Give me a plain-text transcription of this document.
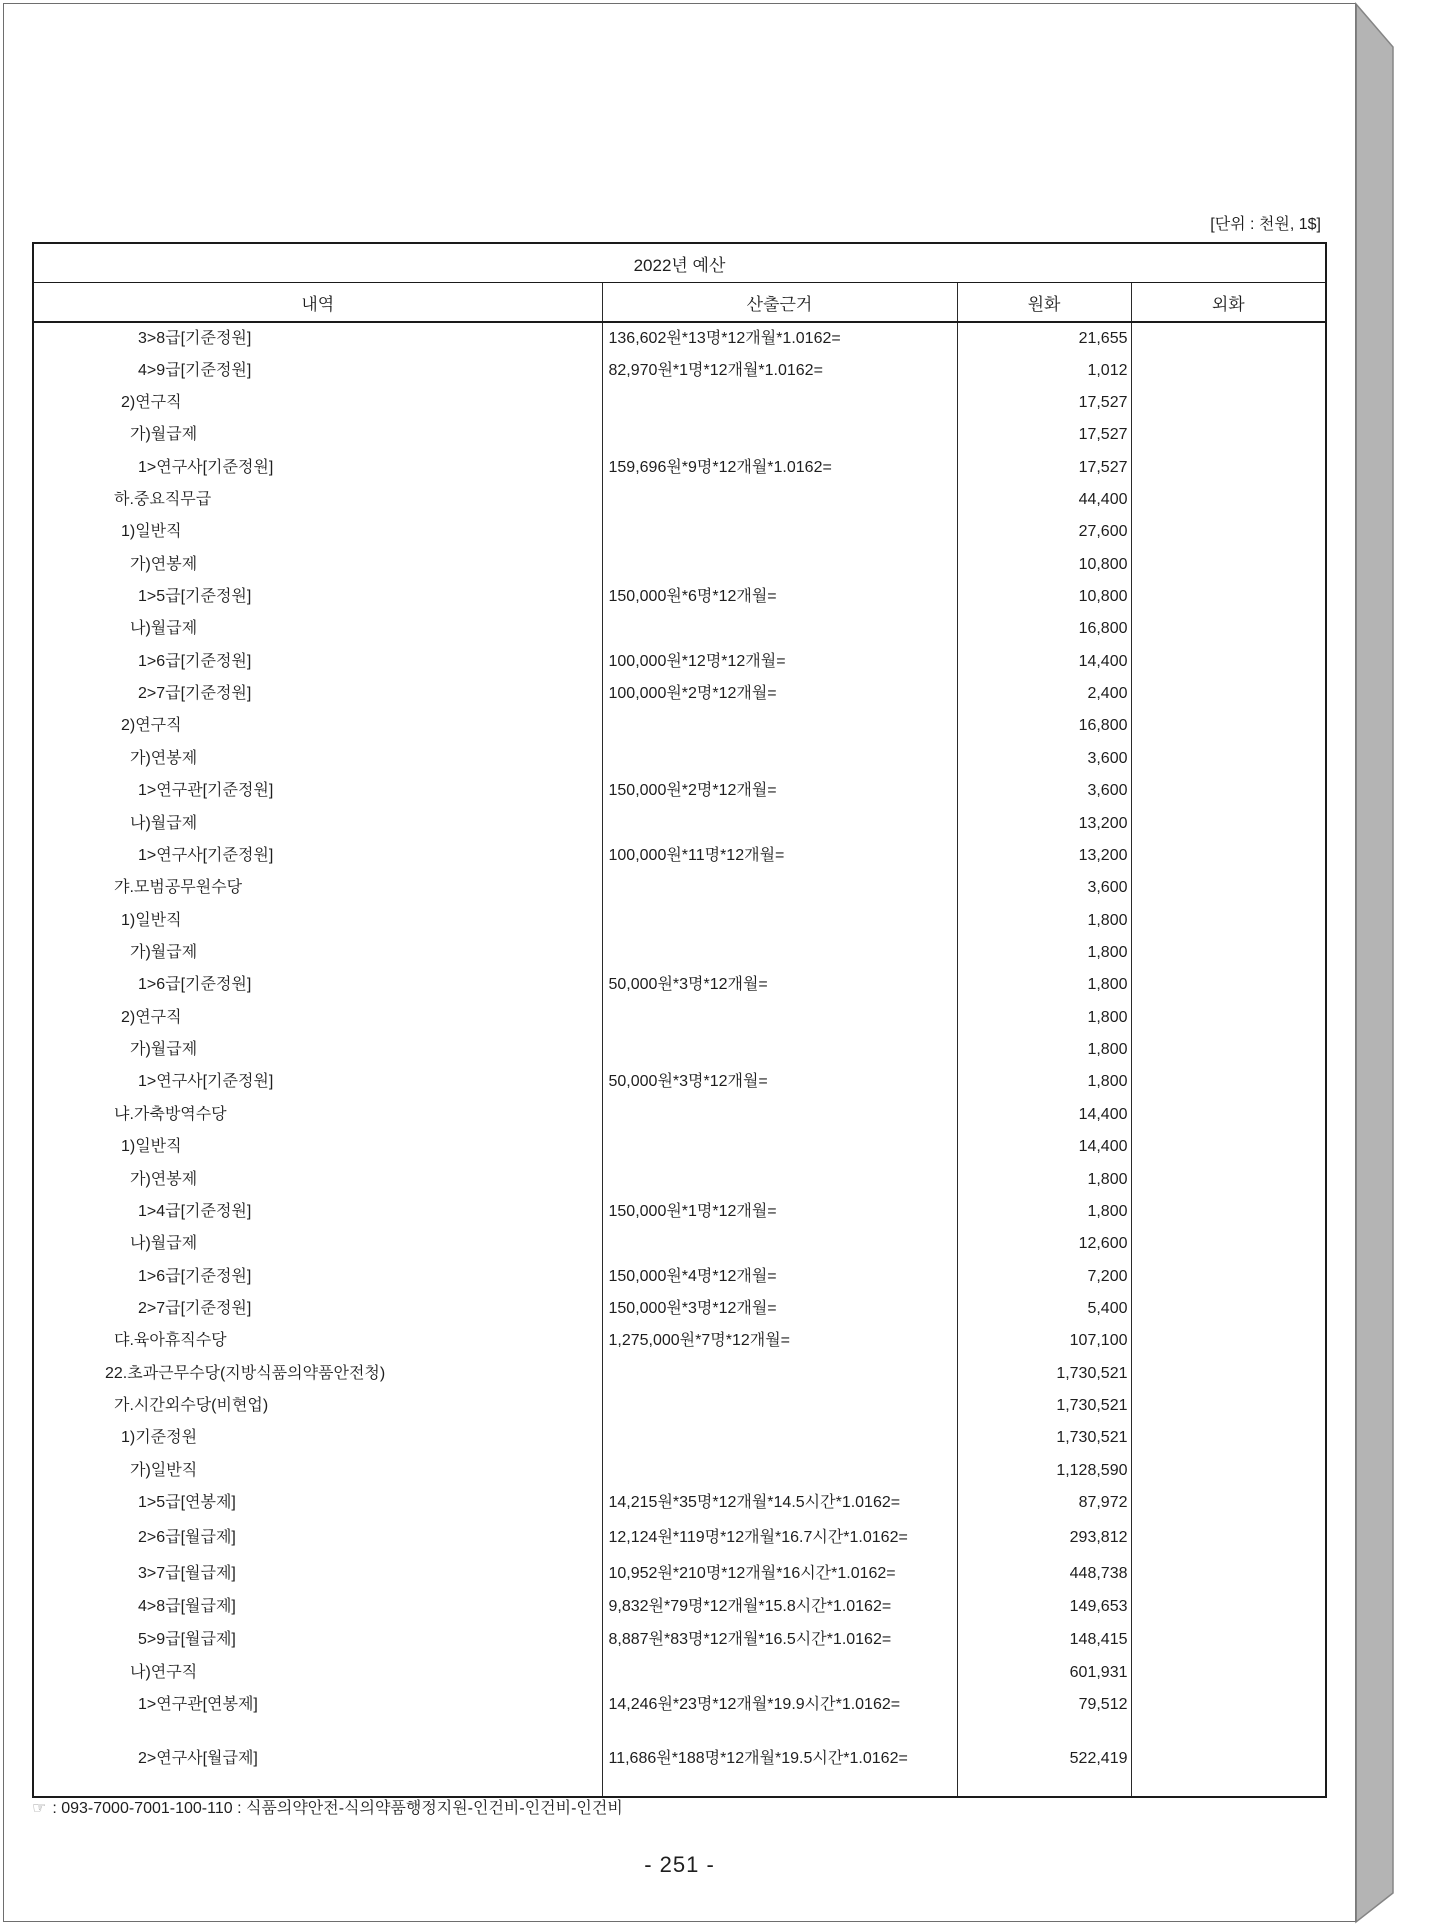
[단위 : 천원, 1$]
2022년 예산			
내역	산출근거	원화	외화
3>8급[기준정원]	136,602원*13명*12개월*1.0162=	21,655	
4>9급[기준정원]	82,970원*1명*12개월*1.0162=	1,012	
2)연구직		17,527	
가)월급제		17,527	
1>연구사[기준정원]	159,696원*9명*12개월*1.0162=	17,527	
하.중요직무급		44,400	
1)일반직		27,600	
가)연봉제		10,800	
1>5급[기준정원]	150,000원*6명*12개월=	10,800	
나)월급제		16,800	
1>6급[기준정원]	100,000원*12명*12개월=	14,400	
2>7급[기준정원]	100,000원*2명*12개월=	2,400	
2)연구직		16,800	
가)연봉제		3,600	
1>연구관[기준정원]	150,000원*2명*12개월=	3,600	
나)월급제		13,200	
1>연구사[기준정원]	100,000원*11명*12개월=	13,200	
갸.모범공무원수당		3,600	
1)일반직		1,800	
가)월급제		1,800	
1>6급[기준정원]	50,000원*3명*12개월=	1,800	
2)연구직		1,800	
가)월급제		1,800	
1>연구사[기준정원]	50,000원*3명*12개월=	1,800	
냐.가축방역수당		14,400	
1)일반직		14,400	
가)연봉제		1,800	
1>4급[기준정원]	150,000원*1명*12개월=	1,800	
나)월급제		12,600	
1>6급[기준정원]	150,000원*4명*12개월=	7,200	
2>7급[기준정원]	150,000원*3명*12개월=	5,400	
댜.육아휴직수당	1,275,000원*7명*12개월=	107,100	
22.초과근무수당(지방식품의약품안전청)		1,730,521	
가.시간외수당(비현업)		1,730,521	
1)기준정원		1,730,521	
가)일반직		1,128,590	
1>5급[연봉제]	14,215원*35명*12개월*14.5시간*1.0162=	87,972	
2>6급[월급제]	12,124원*119명*12개월*16.7시간*1.0162=	293,812	
3>7급[월급제]	10,952원*210명*12개월*16시간*1.0162=	448,738	
4>8급[월급제]	9,832원*79명*12개월*15.8시간*1.0162=	149,653	
5>9급[월급제]	8,887원*83명*12개월*16.5시간*1.0162=	148,415	
나)연구직		601,931	
1>연구관[연봉제]	14,246원*23명*12개월*19.9시간*1.0162=	79,512	
2>연구사[월급제]	11,686원*188명*12개월*19.5시간*1.0162=	522,419	
☞ : 093-7000-7001-100-110 : 식품의약안전-식의약품행정지원-인건비-인건비-인건비
- 251 -
